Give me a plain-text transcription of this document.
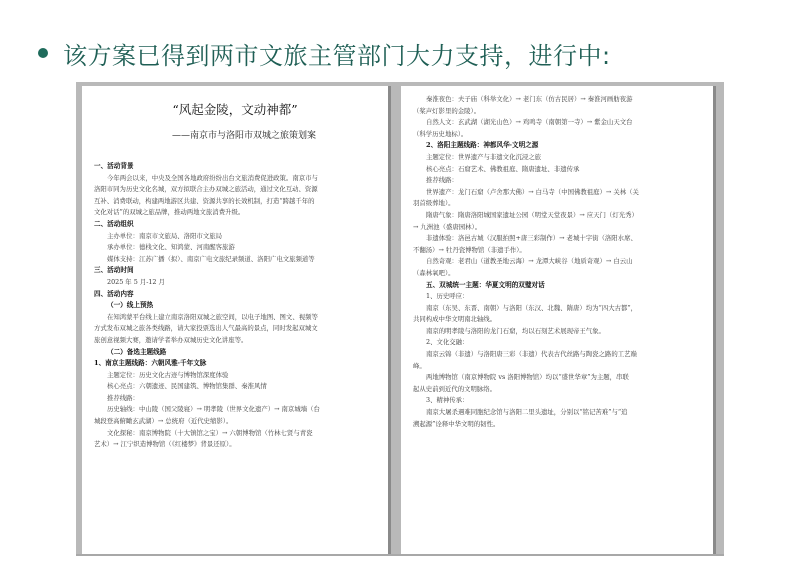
该方案已得到两市文旅主管部门大力支持，进行中:
“风起金陵，文动神都”
——南京市与洛阳市双城之旅策划案
一、活动背景
今年两会以来，中央及全国各地政府纷纷出台文旅消费促进政策。南京市与
洛阳市同为历史文化名城，双方拟联合主办双城之旅活动，通过文化互动、资源
互补、消费联动，构建两地游区共建、资源共享的长效机制，打造“跨越千年的
文化对话”的双城之旅品牌，推动两地文旅消费升级。
二、活动组织
主办单位：南京市文旅局、洛阳市文旅局
承办单位：德栈文化、知鸿蒙、河南醒客旅游
媒体支持：江苏广播（拟）、南京广电文旅纪录频道、洛阳广电文旅频道等
三、活动时间
2025 年 5 月-12 月
四、活动内容
（一）线上预热
在知鸿蒙平台线上建立南京洛阳双城之旅空间，以电子地图、图文、视频等
方式发布双城之旅各类线路，请大家投票选出人气最高的景点，同时发起双城文
旅创意视频大赛，邀请学者举办双城历史文化讲座等。
（二）备选主题线路
1、南京主题线路：六朝风雅·千年文脉
主题定位：历史文化古迹与博物馆深度体验
核心亮点：六朝遗迹、民国建筑、博物馆集群、秦淮风情
推荐线路：
历史轴线：中山陵（国父陵寝）→ 明孝陵（世界文化遗产）→ 南京城墙（台
城段登高俯瞰玄武湖）→ 总统府（近代史缩影）。
文化探秘：南京博物院（十大镇馆之宝）→ 六朝博物馆（竹林七贤与青瓷
艺术）→ 江宁织造博物馆（《红楼梦》背景还原）。
秦淮夜色：夫子庙（科举文化）→ 老门东（仿古民居）→ 秦淮河画舫夜游
（桨声灯影里的金陵）。
自然人文：玄武湖（湖光山色）→ 鸡鸣寺（南朝第一寺）→ 紫金山天文台
（科学历史地标）。
2、洛阳主题线路：神都风华·文明之源
主题定位：世界遗产与非遗文化沉浸之旅
核心亮点：石窟艺术、佛教祖庭、隋唐遗址、非遗传承
推荐线路：
世界遗产：龙门石窟（卢舍那大佛）→ 白马寺（中国佛教祖庭）→ 关林（关
羽首级葬地）。
隋唐气象：隋唐洛阳城国家遗址公园（明堂天堂夜景）→ 应天门（灯光秀）
→ 九洲池（盛唐园林）。
非遗体验：洛邑古城（汉服拍照+唐三彩制作）→ 老城十字街（洛阳水席、
不翻汤）→ 牡丹瓷博物馆（非遗手作）。
自然奇观：老君山（道教圣地云海）→ 龙潭大峡谷（地质奇观）→ 白云山
（森林氧吧）。
五、双城统一主题：华夏文明的双璧对话
1、历史呼应：
南京（东吴、东晋、南朝）与洛阳（东汉、北魏、隋唐）均为“四大古都”，
共同构成中华文明南北轴线。
南京的明孝陵与洛阳的龙门石窟，均以石刻艺术展现帝王气象。
2、文化交融：
南京云锦（非遗）与洛阳唐三彩（非遗）代表古代丝路与陶瓷之路的工艺巅
峰。
两地博物馆（南京博物院 vs 洛阳博物馆）均以“盛世华章”为主题，串联
起从史前到近代的文明脉络。
3、精神传承：
南京大屠杀遇难同胞纪念馆与洛阳二里头遗址，分别以“铭记苦难”与“追
溯起源”诠释中华文明的韧性。
